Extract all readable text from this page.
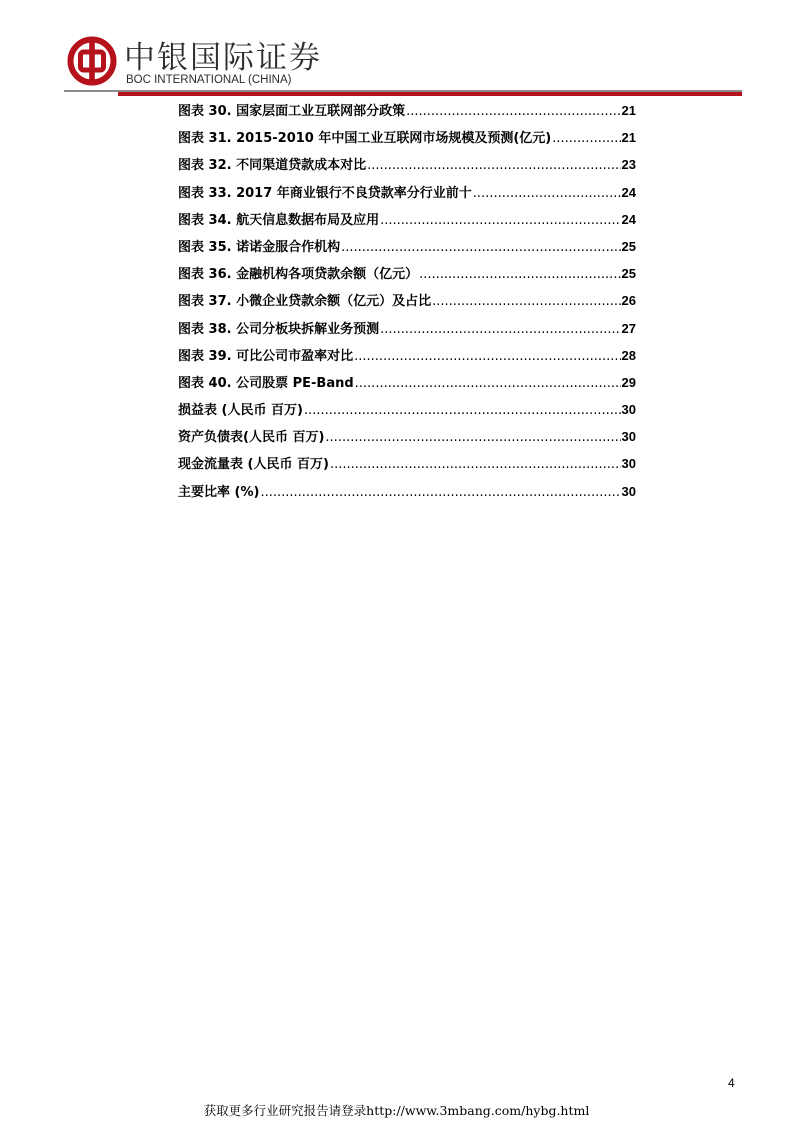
中银国际证券
BOC INTERNATIONAL (CHINA)
图表 30. 国家层面工业互联网部分政策 .....	21
图表 31. 2015-2010 年中国工业互联网市场规模及预测(亿元) .....	21
图表 32. 不同渠道贷款成本对比 .....	23
图表 33. 2017 年商业银行不良贷款率分行业前十 .....	24
图表 34. 航天信息数据布局及应用 .....	24
图表 35. 诺诺金服合作机构 .....	25
图表 36. 金融机构各项贷款余额（亿元） .....	25
图表 37. 小微企业贷款余额（亿元）及占比 .....	26
图表 38. 公司分板块拆解业务预测 .....	27
图表 39. 可比公司市盈率对比 .....	28
图表 40. 公司股票 PE-Band .....	29
损益表 (人民币 百万) .....	30
资产负债表(人民币 百万) .....	30
现金流量表 (人民币 百万) .....	30
主要比率 (%) .....	30
4
获取更多行业研究报告请登录http://www.3mbang.com/hybg.html
